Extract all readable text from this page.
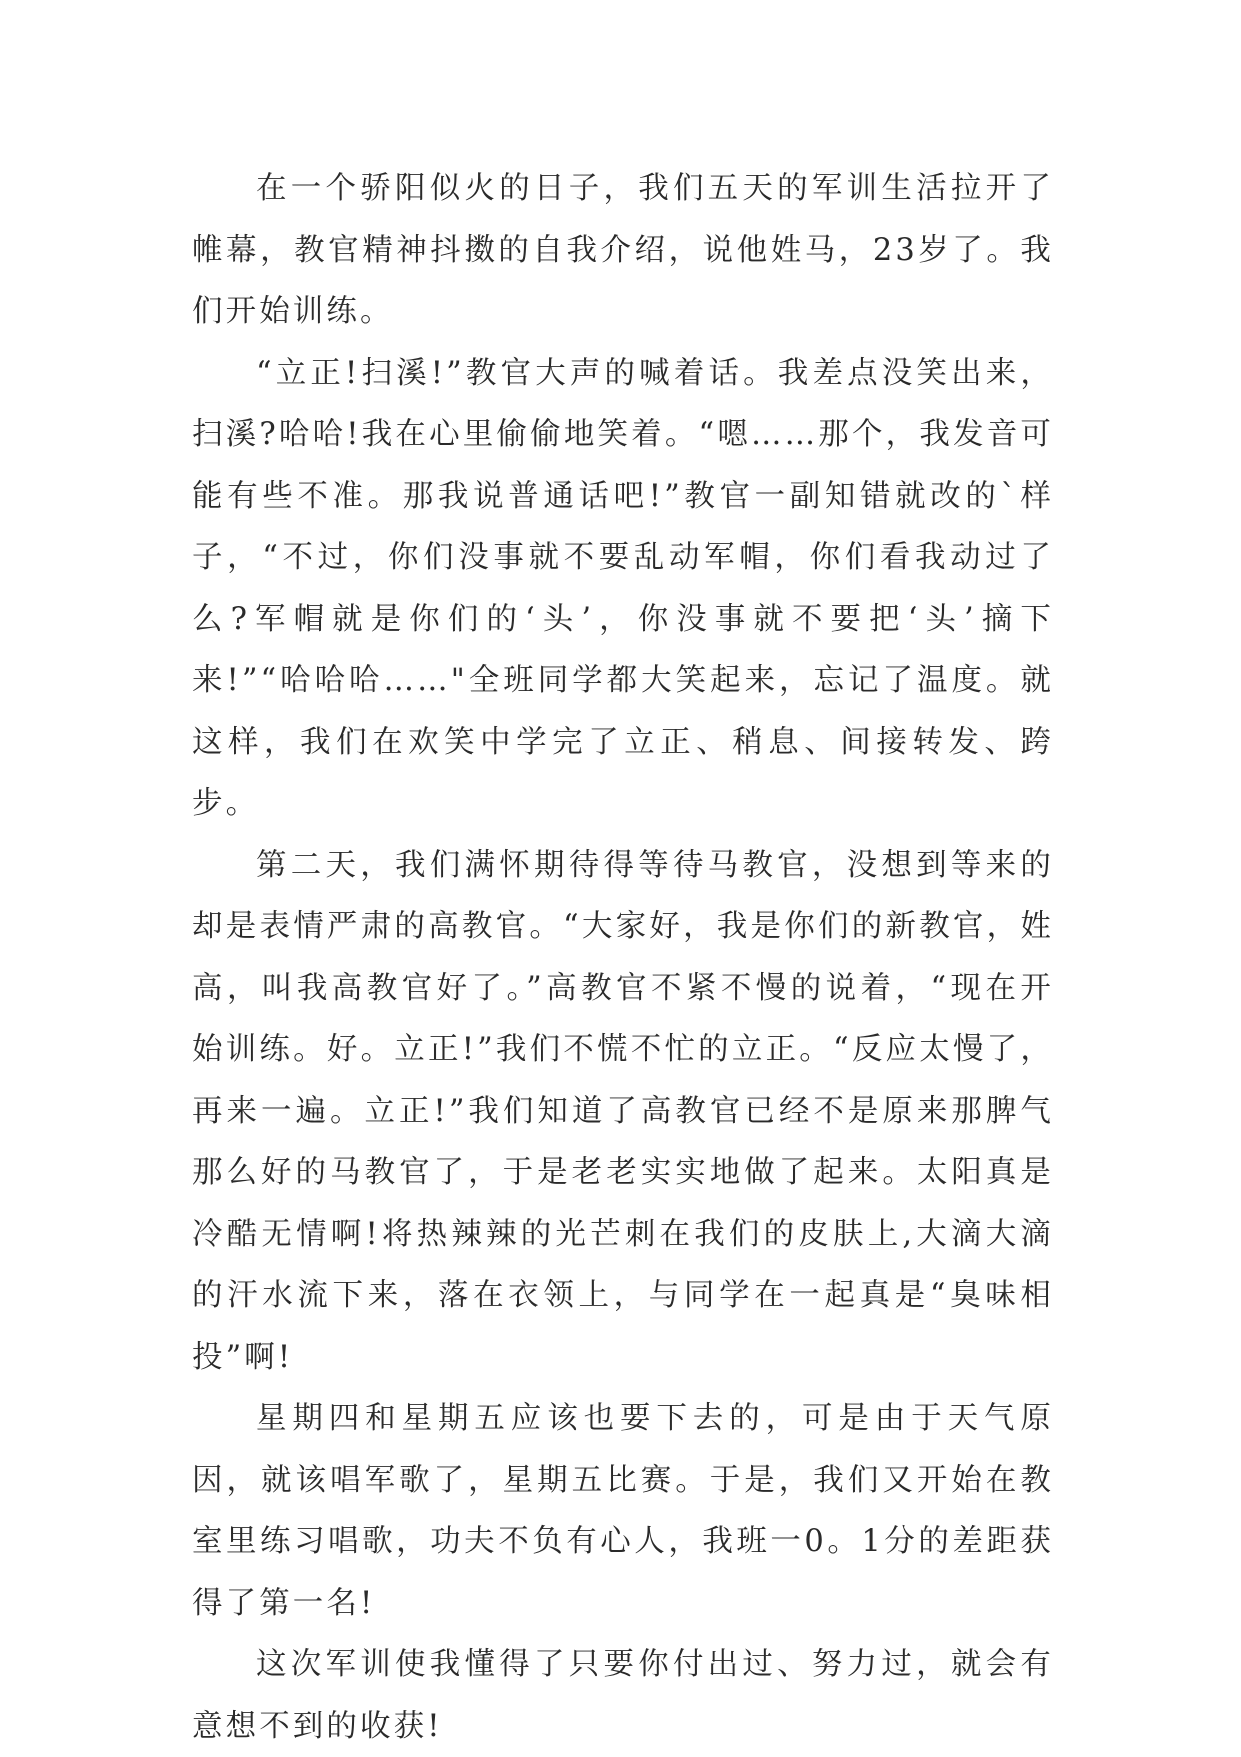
在一个骄阳似火的日子，我们五天的军训生活拉开了帷幕，教官精神抖擞的自我介绍，说他姓马，23岁了。我们开始训练。

“立正!扫溪!”教官大声的喊着话。我差点没笑出来，扫溪?哈哈!我在心里偷偷地笑着。“嗯……那个，我发音可能有些不准。那我说普通话吧!”教官一副知错就改的`样子，“不过，你们没事就不要乱动军帽，你们看我动过了么?军帽就是你们的‘头’，你没事就不要把‘头’摘下来!”“哈哈哈……"全班同学都大笑起来，忘记了温度。就这样，我们在欢笑中学完了立正、稍息、间接转发、跨步。

第二天，我们满怀期待得等待马教官，没想到等来的却是表情严肃的高教官。“大家好，我是你们的新教官，姓高，叫我高教官好了。”高教官不紧不慢的说着，“现在开始训练。好。立正!”我们不慌不忙的立正。“反应太慢了，再来一遍。立正!”我们知道了高教官已经不是原来那脾气那么好的马教官了，于是老老实实地做了起来。太阳真是冷酷无情啊!将热辣辣的光芒刺在我们的皮肤上,大滴大滴的汗水流下来，落在衣领上，与同学在一起真是“臭味相投”啊!

星期四和星期五应该也要下去的，可是由于天气原因，就该唱军歌了，星期五比赛。于是，我们又开始在教室里练习唱歌，功夫不负有心人，我班一0。1分的差距获得了第一名!

这次军训使我懂得了只要你付出过、努力过，就会有意想不到的收获!
